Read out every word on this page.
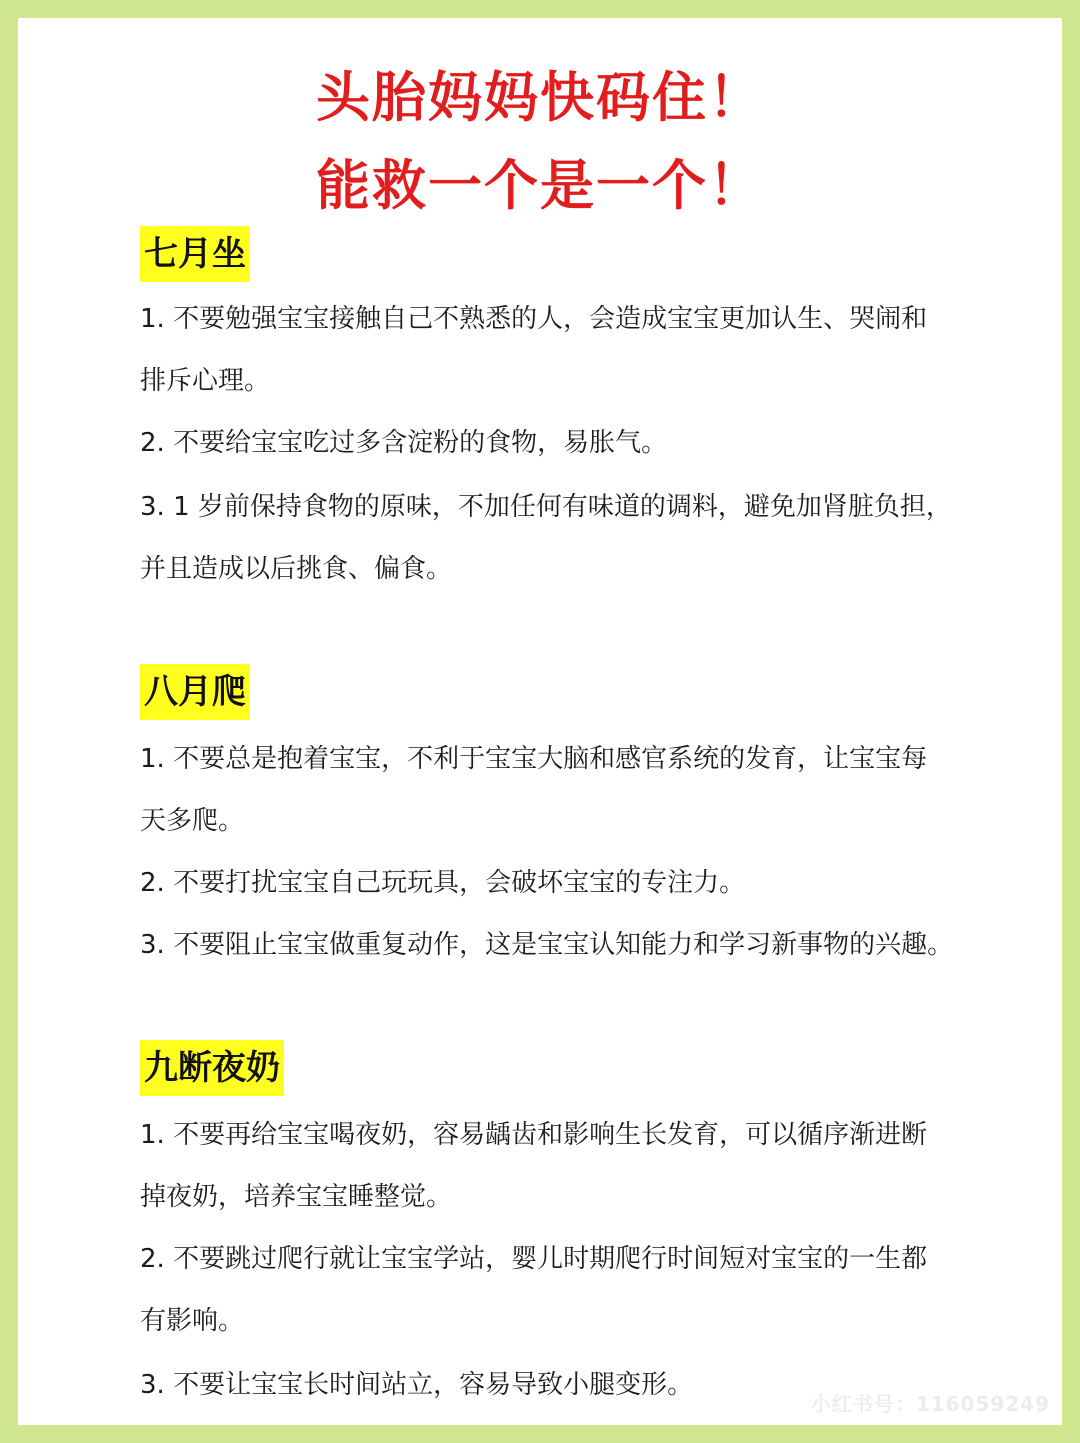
头胎妈妈快码住！
能救一个是一个！
七月坐
1. 不要勉强宝宝接触自己不熟悉的人，会造成宝宝更加认生、哭闹和
排斥心理。
2. 不要给宝宝吃过多含淀粉的食物，易胀气。
3. 1 岁前保持食物的原味，不加任何有味道的调料，避免加肾脏负担，
并且造成以后挑食、偏食。
八月爬
1. 不要总是抱着宝宝，不利于宝宝大脑和感官系统的发育，让宝宝每
天多爬。
2. 不要打扰宝宝自己玩玩具，会破坏宝宝的专注力。
3. 不要阻止宝宝做重复动作，这是宝宝认知能力和学习新事物的兴趣。
九断夜奶
1. 不要再给宝宝喝夜奶，容易龋齿和影响生长发育，可以循序渐进断
掉夜奶，培养宝宝睡整觉。
2. 不要跳过爬行就让宝宝学站，婴儿时期爬行时间短对宝宝的一生都
有影响。
3. 不要让宝宝长时间站立，容易导致小腿变形。
小红书号：116059249
